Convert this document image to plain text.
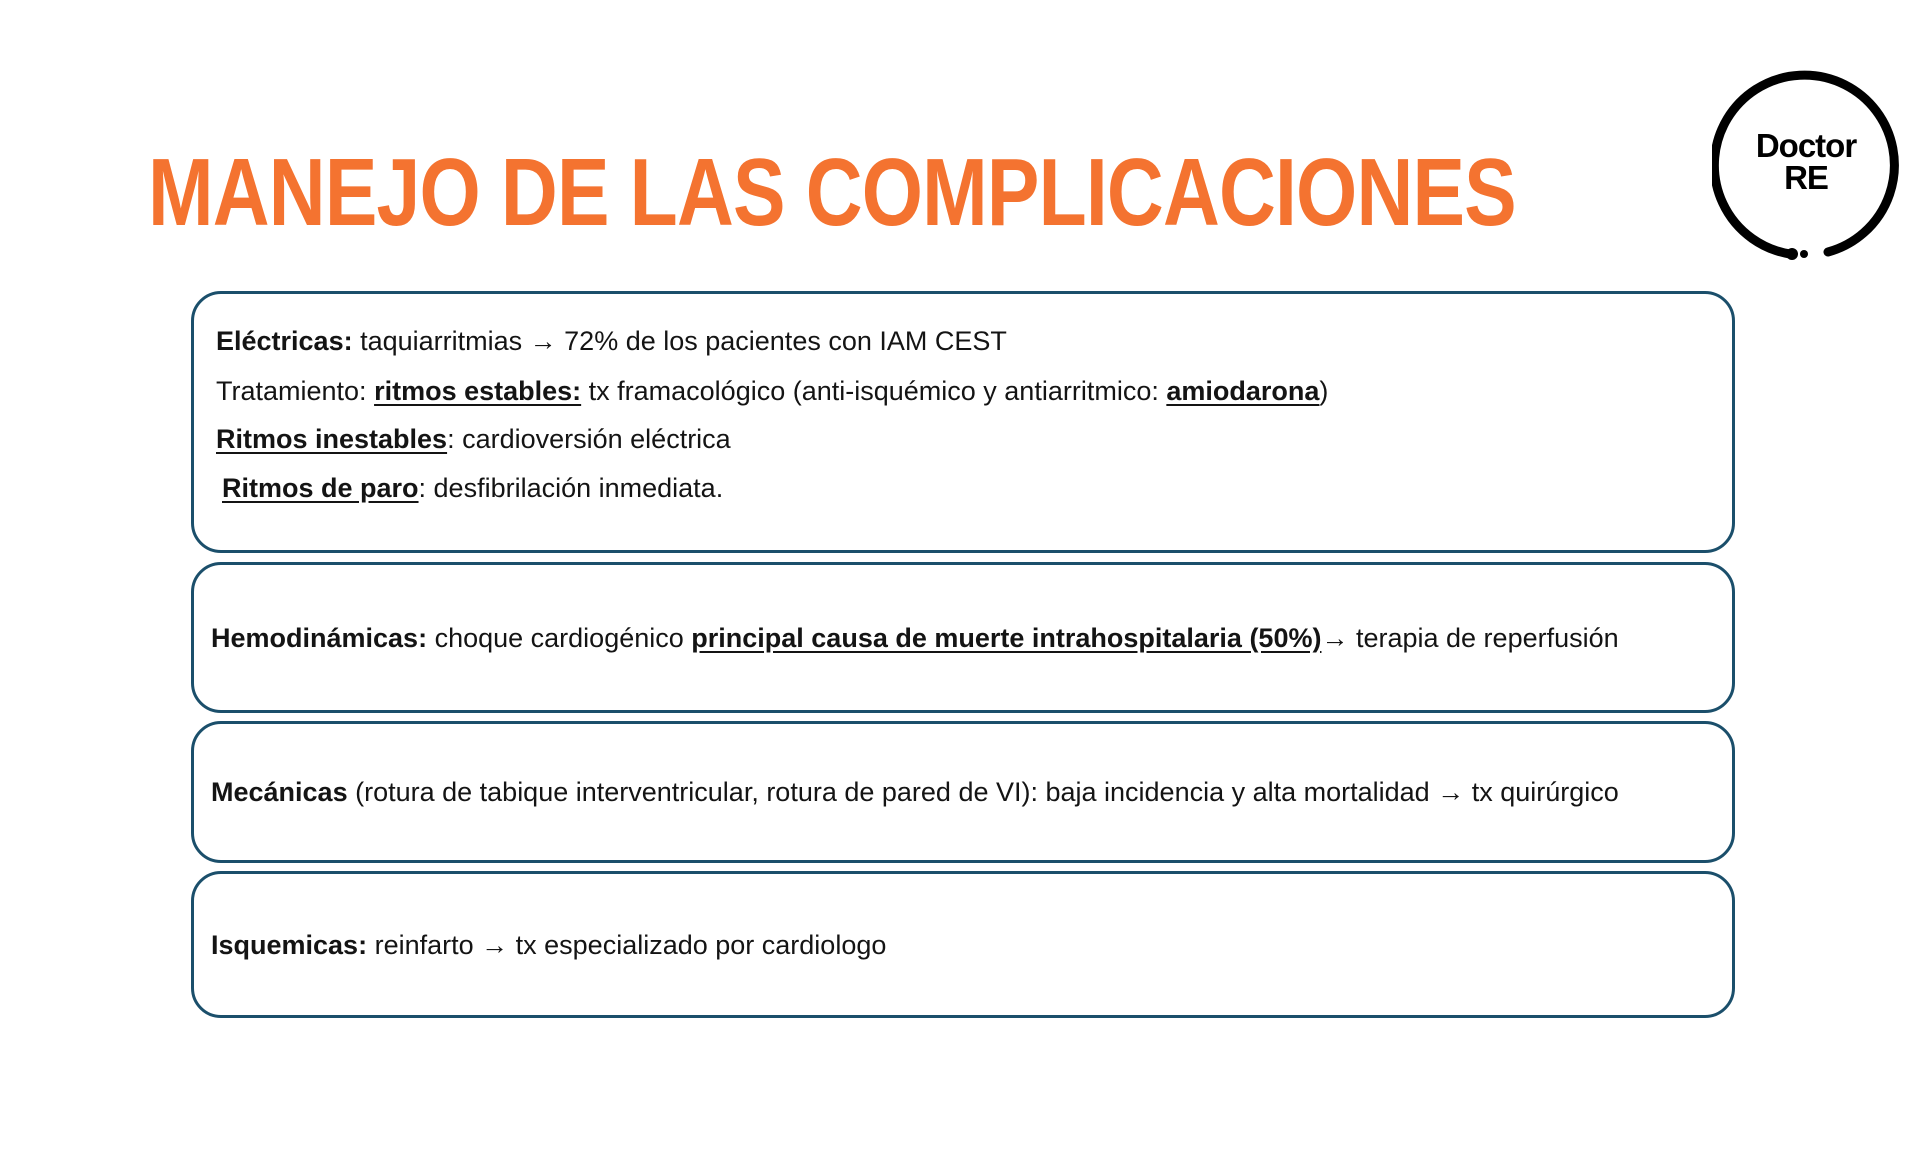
MANEJO DE LAS COMPLICACIONES	Doctor
RE
Eléctricas: taquiarritmias → 72% de los pacientes con IAM CEST
Tratamiento: ritmos estables: tx framacológico (anti-isquémico y antiarritmico: amiodarona)
Ritmos inestables: cardioversión eléctrica
Ritmos de paro: desfibrilación inmediata.
Hemodinámicas: choque cardiogénico principal causa de muerte intrahospitalaria (50%)→ terapia de reperfusión
Mecánicas (rotura de tabique interventricular, rotura de pared de VI): baja incidencia y alta mortalidad → tx quirúrgico
Isquemicas: reinfarto → tx especializado por cardiologo
